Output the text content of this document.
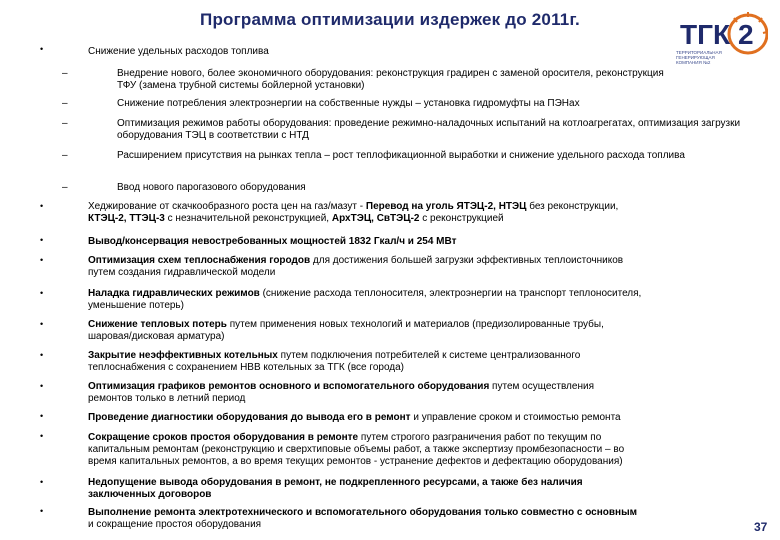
Программа оптимизации издержек до 2011г.	ТГК 2
ТЕРРИТОРИАЛЬНАЯ ГЕНЕРИРУЮЩАЯ КОМПАНИЯ №2
•	Снижение удельных расходов топлива
–	Внедрение нового, более экономичного оборудования: реконструкция градирен с заменой оросителя, реконструкция ТФУ (замена трубной системы бойлерной установки)
–	Снижение потребления электроэнергии на собственные нужды – установка гидромуфты на ПЭНах
–	Оптимизация режимов работы оборудования: проведение режимно-наладочных испытаний на котлоагрегатах, оптимизация загрузки оборудования ТЭЦ в соответствии с НТД
–	Расширением присутствия на рынках тепла – рост теплофикационной выработки и снижение удельного расхода топлива
–	Ввод нового парогазового оборудования
•	Хеджирование от скачкообразного роста цен на газ/мазут - Перевод на уголь ЯТЭЦ-2, НТЭЦ без реконструкции,
КТЭЦ-2, ТТЭЦ-3 с незначительной реконструкцией, АрхТЭЦ, СвТЭЦ-2 с реконструкцией
•	Вывод/консервация невостребованных мощностей 1832 Гкал/ч и 254 МВт
•	Оптимизация схем теплоснабжения городов для достижения большей загрузки эффективных теплоисточников
путем создания гидравлической модели
•	Наладка гидравлических режимов (снижение расхода теплоносителя, электроэнергии на транспорт теплоносителя,
уменьшение потерь)
•	Снижение тепловых потерь путем применения новых технологий и материалов (предизолированные трубы,
шаровая/дисковая арматура)
•	Закрытие неэффективных котельных путем подключения потребителей к системе централизованного
теплоснабжения с сохранением НВВ котельных за ТГК (все города)
•	Оптимизация графиков ремонтов основного и вспомогательного оборудования путем осуществления
ремонтов только в летний период
•	Проведение диагностики оборудования до вывода его в ремонт и управление сроком и стоимостью ремонта
•	Сокращение сроков простоя оборудования в ремонте путем строгого разграничения работ по текущим по
капитальным ремонтам (реконструкцию и сверхтиповые объемы работ, а также экспертизу промбезопасности – во
время капитальных ремонтов, а во время текущих ремонтов - устранение дефектов и дефектацию оборудования)
•	Недопущение вывода оборудования в ремонт, не подкрепленного ресурсами, а также без наличия
заключенных договоров
•	Выполнение ремонта электротехнического и вспомогательного оборудования только совместно с основным
и сокращение простоя оборудования	37
